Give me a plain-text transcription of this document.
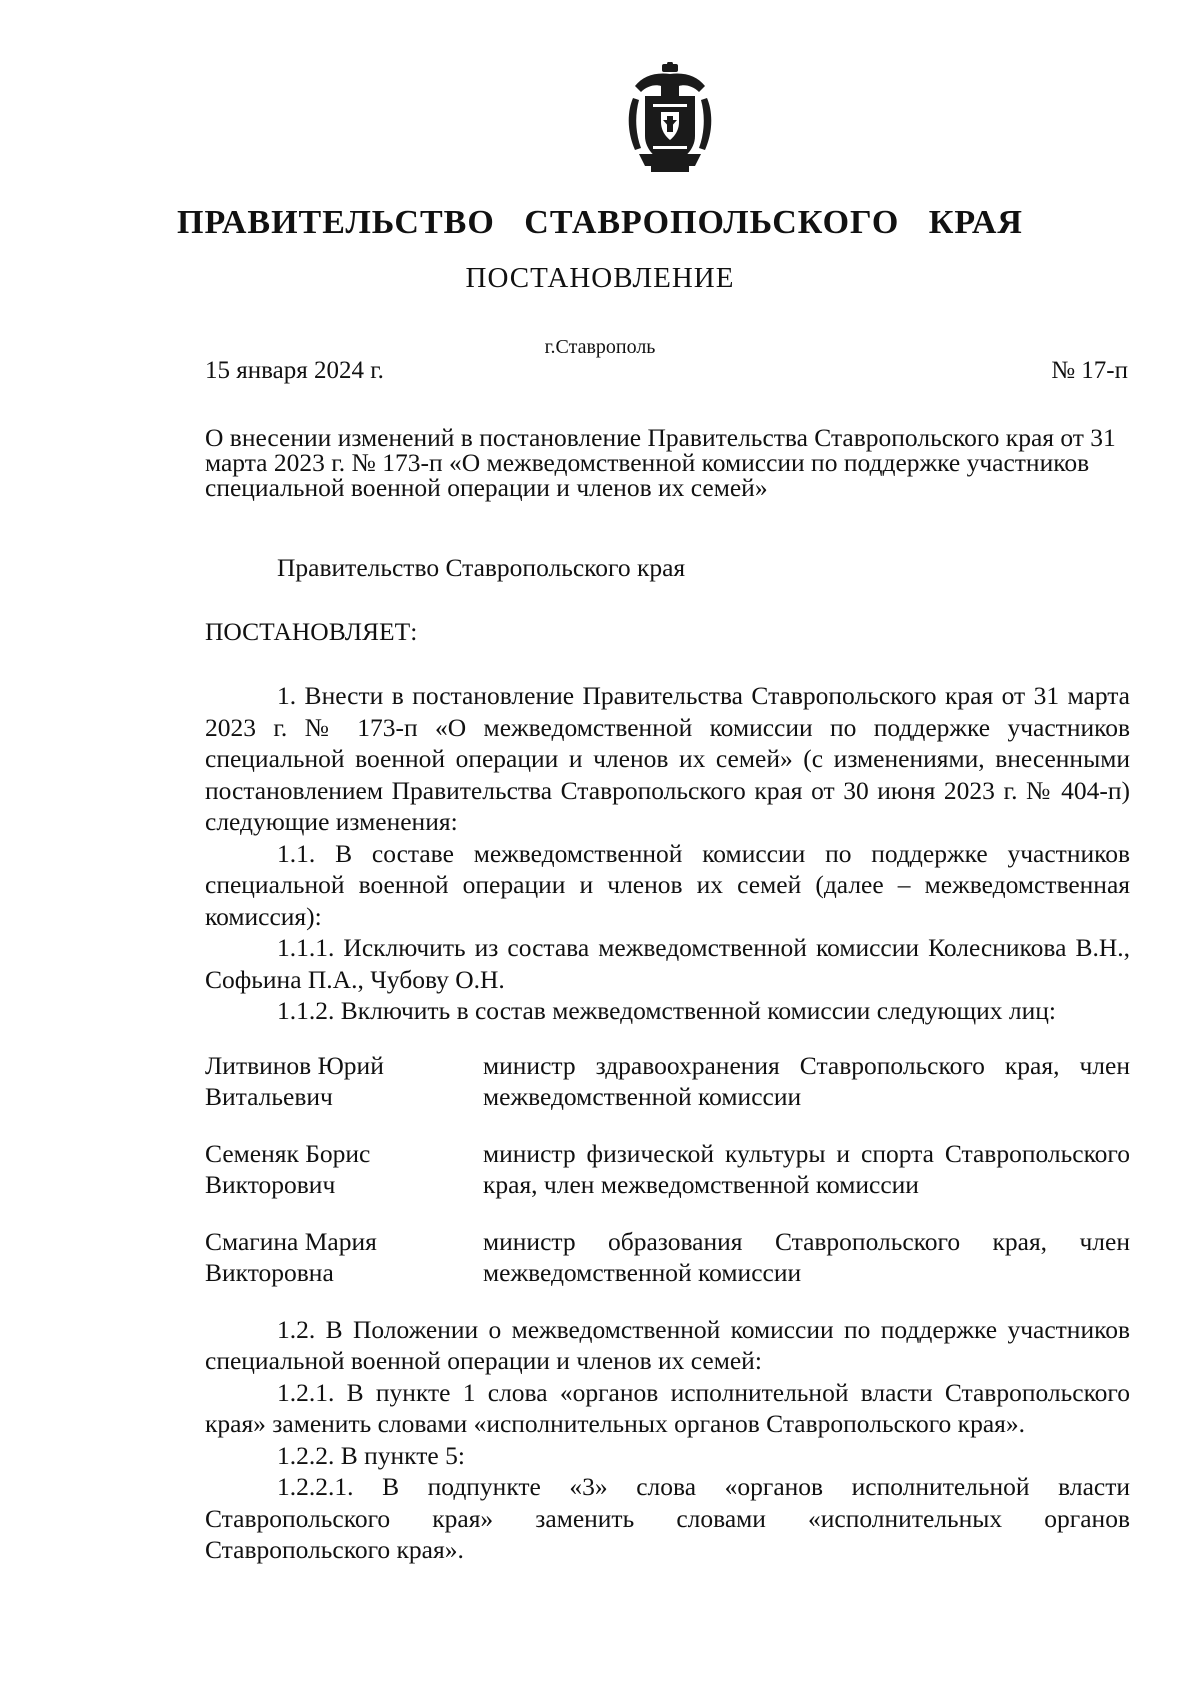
ПРАВИТЕЛЬСТВО СТАВРОПОЛЬСКОГО КРАЯ
ПОСТАНОВЛЕНИЕ
г.Ставрополь
15 января 2024 г.	№ 17-п
О внесении изменений в постановление Правительства Ставропольского края от 31 марта 2023 г. № 173-п «О межведомственной комиссии по поддержке участников специальной военной операции и членов их семей»
Правительство Ставропольского края
ПОСТАНОВЛЯЕТ:

1. Внести в постановление Правительства Ставропольского края от 31 марта 2023 г. № 173-п «О межведомственной комиссии по поддержке участников специальной военной операции и членов их семей» (с изменениями, внесенными постановлением Правительства Ставропольского края от 30 июня 2023 г. № 404-п) следующие изменения:

1.1. В составе межведомственной комиссии по поддержке участников специальной военной операции и членов их семей (далее – межведомственная комиссия):

1.1.1. Исключить из состава межведомственной комиссии Колесникова В.Н., Софьина П.А., Чубову О.Н.

1.1.2. Включить в состав межведомственной комиссии следующих лиц:

Литвинов Юрий Витальевич
министр здравоохранения Ставропольского края, член межведомственной комиссии
Семеняк Борис Викторович
министр физической культуры и спорта Ставропольского края, член межведомственной комиссии
Смагина Мария Викторовна
министр образования Ставропольского края, член межведомственной комиссии

1.2. В Положении о межведомственной комиссии по поддержке участников специальной военной операции и членов их семей:

1.2.1. В пункте 1 слова «органов исполнительной власти Ставропольского края» заменить словами «исполнительных органов Ставропольского края».

1.2.2. В пункте 5:

1.2.2.1. В подпункте «3» слова «органов исполнительной власти Ставропольского края» заменить словами «исполнительных органов Ставропольского края».
